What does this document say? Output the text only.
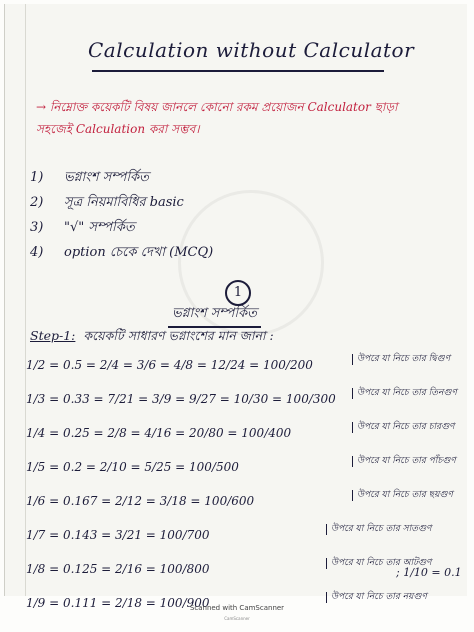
Calculation without Calculator
→ নিম্নোক্ত কয়েকটি বিষয় জানলে কোনো রকম প্রয়োজন Calculator ছাড়া সহজেই Calculation করা সম্ভব।
1) ভগ্নাংশ সম্পর্কিত
2) সূত্র নিয়মাবিধির basic
3) "√" সম্পর্কিত
4) option চেকে দেখা (MCQ)
1
ভগ্নাংশ সম্পর্কিত
Step-1: কয়েকটি সাধারণ ভগ্নাংশের মান জানা :
1/2 = 0.5 = 2/4 = 3/6 = 4/8 = 12/24 = 100/200	উপরে যা নিচে তার দ্বিগুণ
1/3 = 0.33 = 7/21 = 3/9 = 9/27 = 10/30 = 100/300	উপরে যা নিচে তার তিনগুণ
1/4 = 0.25 = 2/8 = 4/16 = 20/80 = 100/400	উপরে যা নিচে তার চারগুণ
1/5 = 0.2 = 2/10 = 5/25 = 100/500	উপরে যা নিচে তার পাঁচগুণ
1/6 = 0.167 = 2/12 = 3/18 = 100/600	উপরে যা নিচে তার ছয়গুণ
1/7 = 0.143 = 3/21 = 100/700	উপরে যা নিচে তার সাতগুণ
1/8 = 0.125 = 2/16 = 100/800	উপরে যা নিচে তার আটগুণ
1/9 = 0.111 = 2/18 = 100/900	উপরে যা নিচে তার নয়গুণ
; 1/10 = 0.1
Scanned with CamScanner
CamScanner
